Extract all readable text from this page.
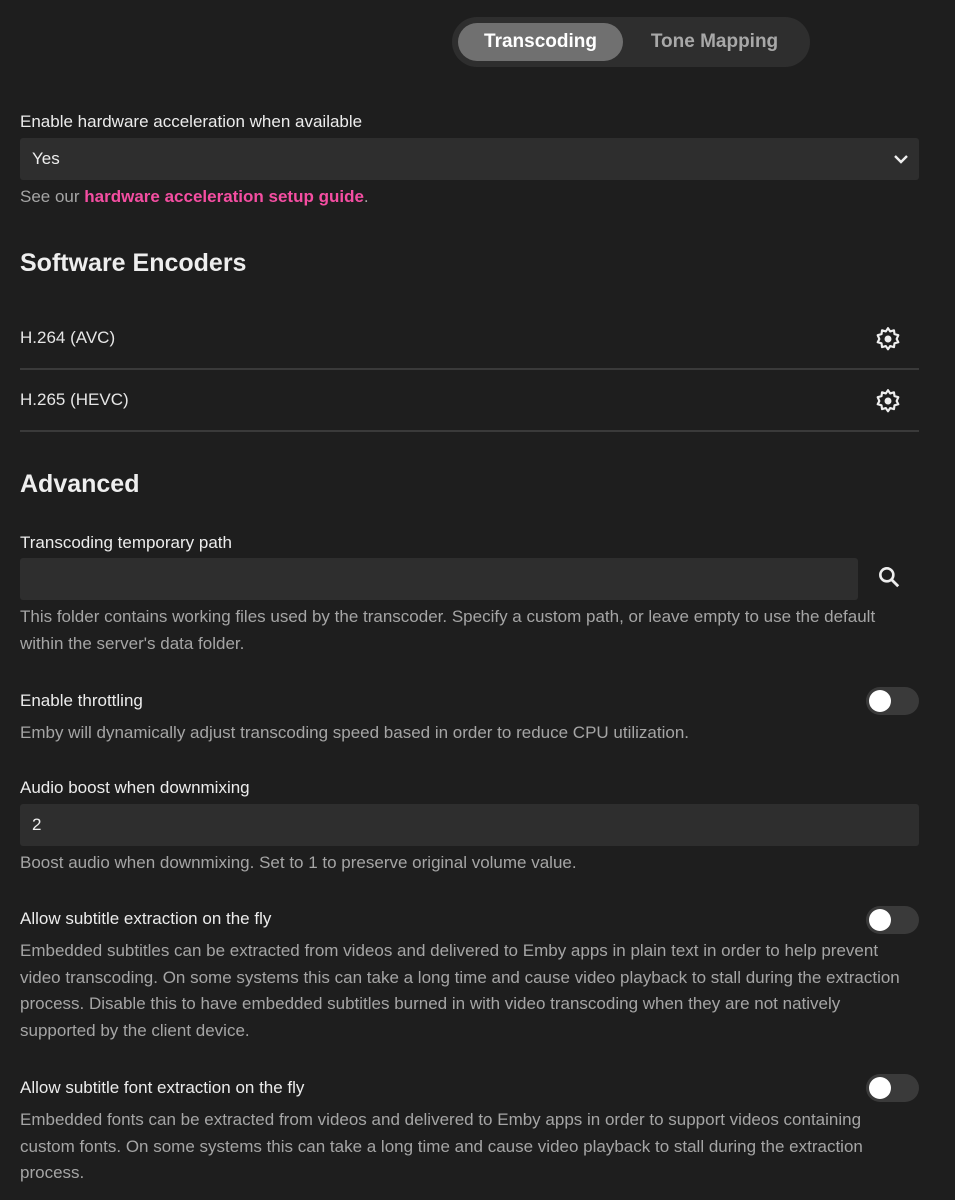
Transcoding	Tone Mapping
Enable hardware acceleration when available
Yes
See our hardware acceleration setup guide.
Software Encoders
H.264 (AVC)
H.265 (HEVC)
Advanced
Transcoding temporary path
This folder contains working files used by the transcoder. Specify a custom path, or leave empty to use the default within the server's data folder.
Enable throttling
Emby will dynamically adjust transcoding speed based in order to reduce CPU utilization.
Audio boost when downmixing
2
Boost audio when downmixing. Set to 1 to preserve original volume value.
Allow subtitle extraction on the fly
Embedded subtitles can be extracted from videos and delivered to Emby apps in plain text in order to help prevent video transcoding. On some systems this can take a long time and cause video playback to stall during the extraction process. Disable this to have embedded subtitles burned in with video transcoding when they are not natively supported by the client device.
Allow subtitle font extraction on the fly
Embedded fonts can be extracted from videos and delivered to Emby apps in order to support videos containing custom fonts. On some systems this can take a long time and cause video playback to stall during the extraction process.
